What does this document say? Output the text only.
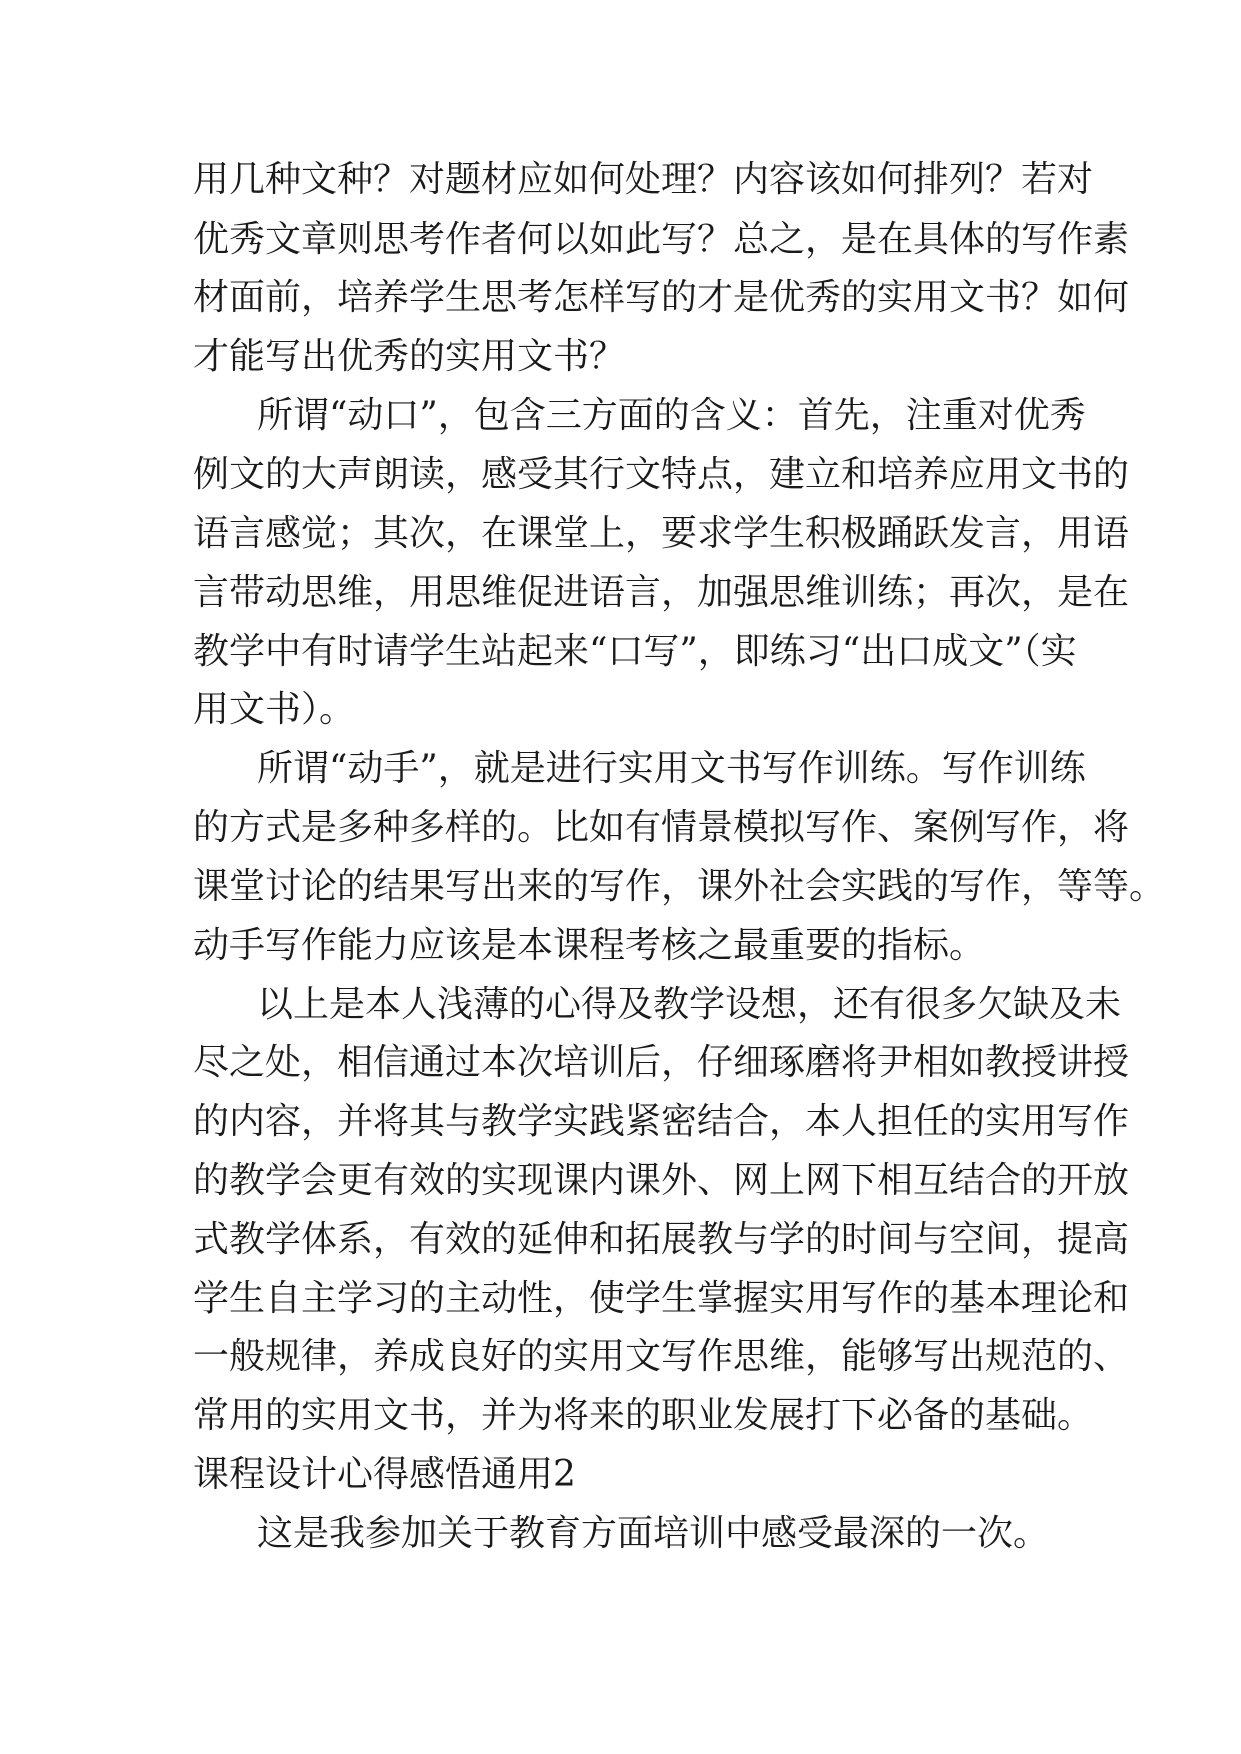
用几种文种？对题材应如何处理？内容该如何排列？若对
优秀文章则思考作者何以如此写？总之，是在具体的写作素
材面前，培养学生思考怎样写的才是优秀的实用文书？如何
才能写出优秀的实用文书？
所谓“动口”，包含三方面的含义：首先，注重对优秀
例文的大声朗读，感受其行文特点，建立和培养应用文书的
语言感觉；其次，在课堂上，要求学生积极踊跃发言，用语
言带动思维，用思维促进语言，加强思维训练；再次，是在
教学中有时请学生站起来“口写”，即练习“出口成文”（实
用文书）。
所谓“动手”，就是进行实用文书写作训练。写作训练
的方式是多种多样的。比如有情景模拟写作、案例写作，将
课堂讨论的结果写出来的写作，课外社会实践的写作，等等。
动手写作能力应该是本课程考核之最重要的指标。
以上是本人浅薄的心得及教学设想，还有很多欠缺及未
尽之处，相信通过本次培训后，仔细琢磨将尹相如教授讲授
的内容，并将其与教学实践紧密结合，本人担任的实用写作
的教学会更有效的实现课内课外、网上网下相互结合的开放
式教学体系，有效的延伸和拓展教与学的时间与空间，提高
学生自主学习的主动性，使学生掌握实用写作的基本理论和
一般规律，养成良好的实用文写作思维，能够写出规范的、
常用的实用文书，并为将来的职业发展打下必备的基础。
课程设计心得感悟通用2
这是我参加关于教育方面培训中感受最深的一次。
